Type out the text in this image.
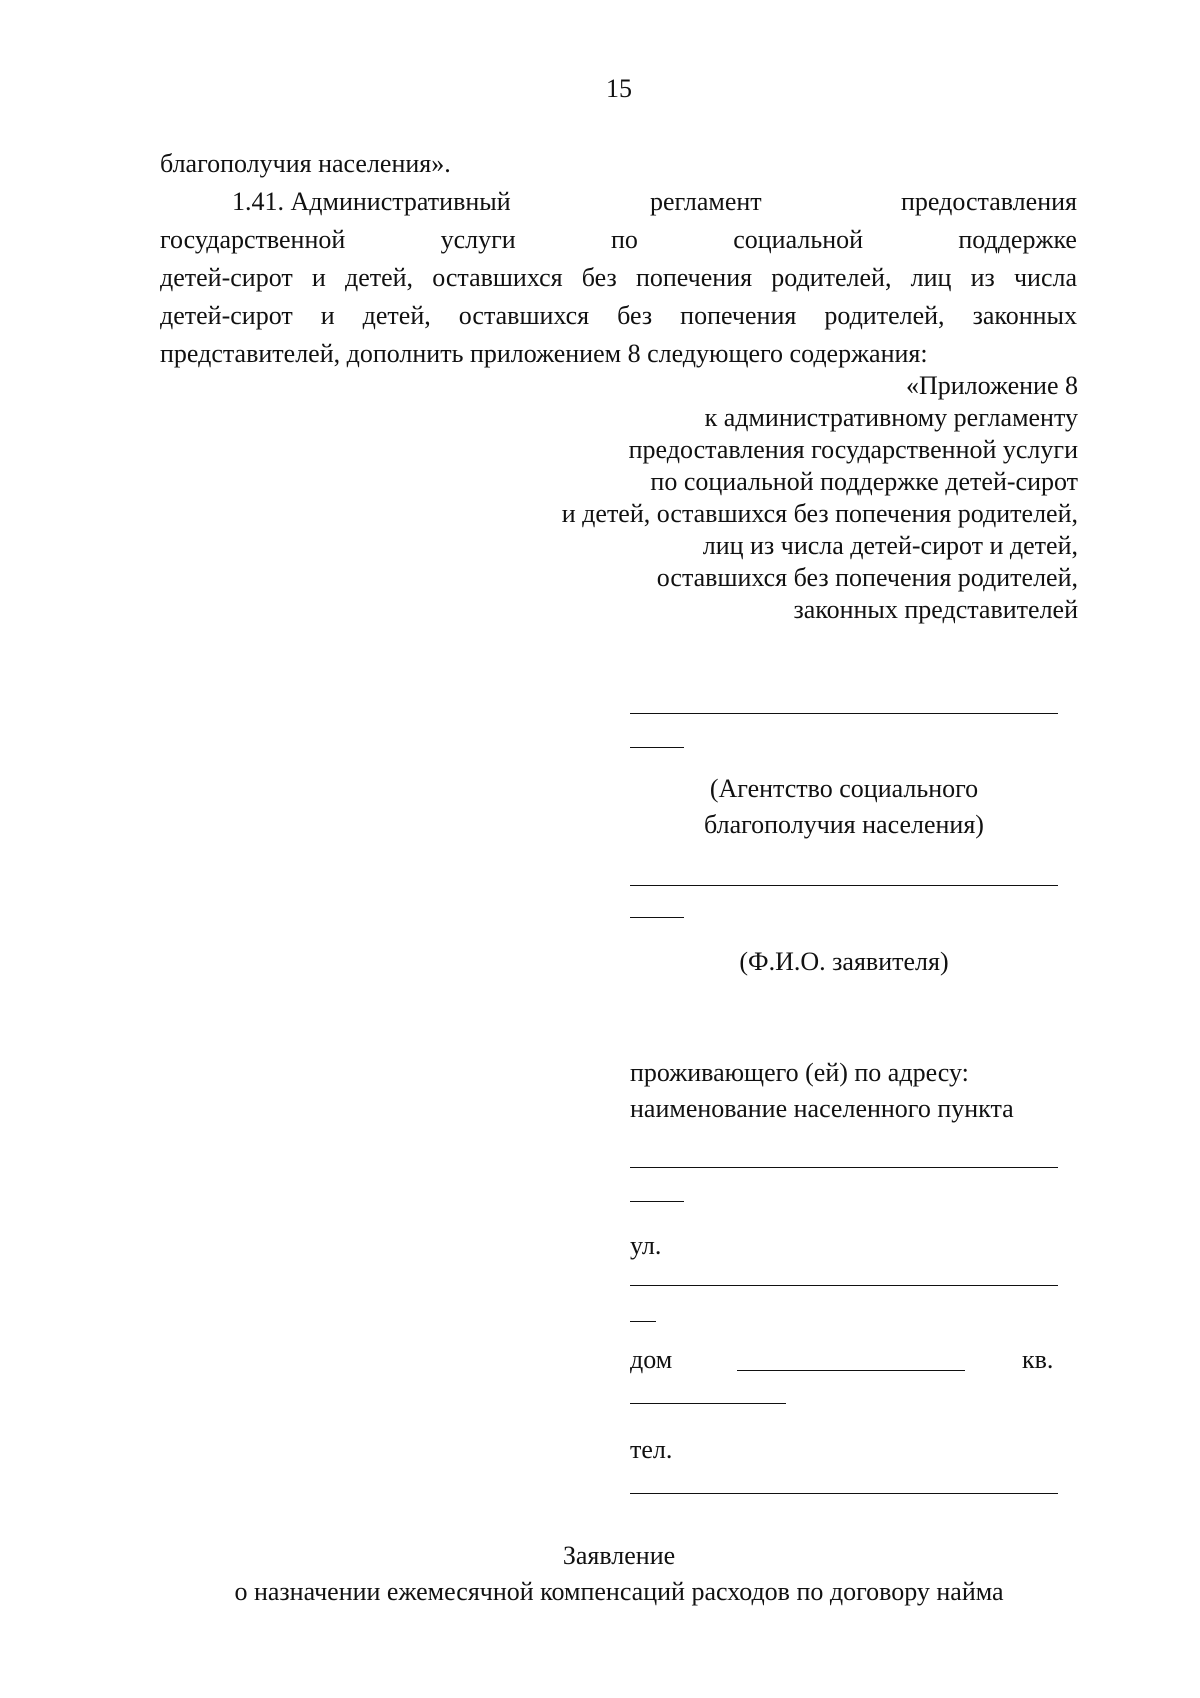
15
благополучия населения».
1.41. Административный	регламент	предоставления
государственной	услуги	по	социальной	поддержке
детей-сирот и детей, оставшихся без попечения родителей, лиц из числа
детей-сирот и детей, оставшихся без попечения родителей, законных
представителей, дополнить приложением 8 следующего содержания:
«Приложение 8
к административному регламенту
предоставления государственной услуги
по социальной поддержке детей-сирот
и детей, оставшихся без попечения родителей,
лиц из числа детей-сирот и детей,
оставшихся без попечения родителей,
законных представителей
(Агентство социального
благополучия населения)
(Ф.И.О. заявителя)
проживающего (ей) по адресу:
наименование населенного пункта
ул.
дом	кв.
тел.
Заявление
о назначении ежемесячной компенсаций расходов по договору найма
